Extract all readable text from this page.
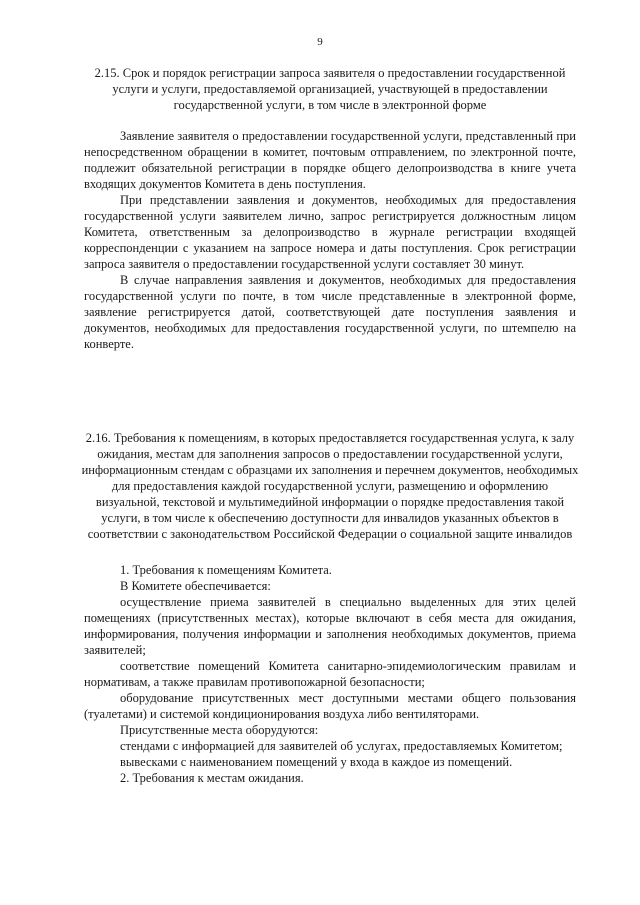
9
2.15. Срок и порядок регистрации запроса заявителя о предоставлении государственной услуги и услуги, предоставляемой организацией, участвующей в предоставлении государственной услуги, в том числе в электронной форме

Заявление заявителя о предоставлении государственной услуги, представленный при непосредственном обращении в комитет, почтовым отправлением, по электронной почте, подлежит обязательной регистрации в порядке общего делопроизводства в книге учета входящих документов Комитета в день поступления.

При представлении заявления и документов, необходимых для предоставления государственной услуги заявителем лично, запрос регистрируется должностным лицом Комитета, ответственным за делопроизводство в журнале регистрации входящей корреспонденции с указанием на запросе номера и даты поступления. Срок регистрации запроса заявителя о предоставлении государственной услуги составляет 30 минут.

В случае направления заявления и документов, необходимых для предоставления государственной услуги по почте, в том числе представленные в электронной форме, заявление регистрируется датой, соответствующей дате поступления заявления и документов, необходимых для предоставления государственной услуги, по штемпелю на конверте.

2.16. Требования к помещениям, в которых предоставляется государственная услуга, к залу ожидания, местам для заполнения запросов о предоставлении государственной услуги, информационным стендам с образцами их заполнения и перечнем документов, необходимых для предоставления каждой государственной услуги, размещению и оформлению визуальной, текстовой и мультимедийной информации о порядке предоставления такой услуги, в том числе к обеспечению доступности для инвалидов указанных объектов в соответствии с законодательством Российской Федерации о социальной защите инвалидов

1. Требования к помещениям Комитета.

В Комитете обеспечивается:

осуществление приема заявителей в специально выделенных для этих целей помещениях (присутственных местах), которые включают в себя места для ожидания, информирования, получения информации и заполнения необходимых документов, приема заявителей;

соответствие помещений Комитета санитарно-эпидемиологическим правилам и нормативам, а также правилам противопожарной безопасности;

оборудование присутственных мест доступными местами общего пользования (туалетами) и системой кондиционирования воздуха либо вентиляторами.

Присутственные места оборудуются:

стендами с информацией для заявителей об услугах, предоставляемых Комитетом;

вывесками с наименованием помещений у входа в каждое из помещений.

2. Требования к местам ожидания.
